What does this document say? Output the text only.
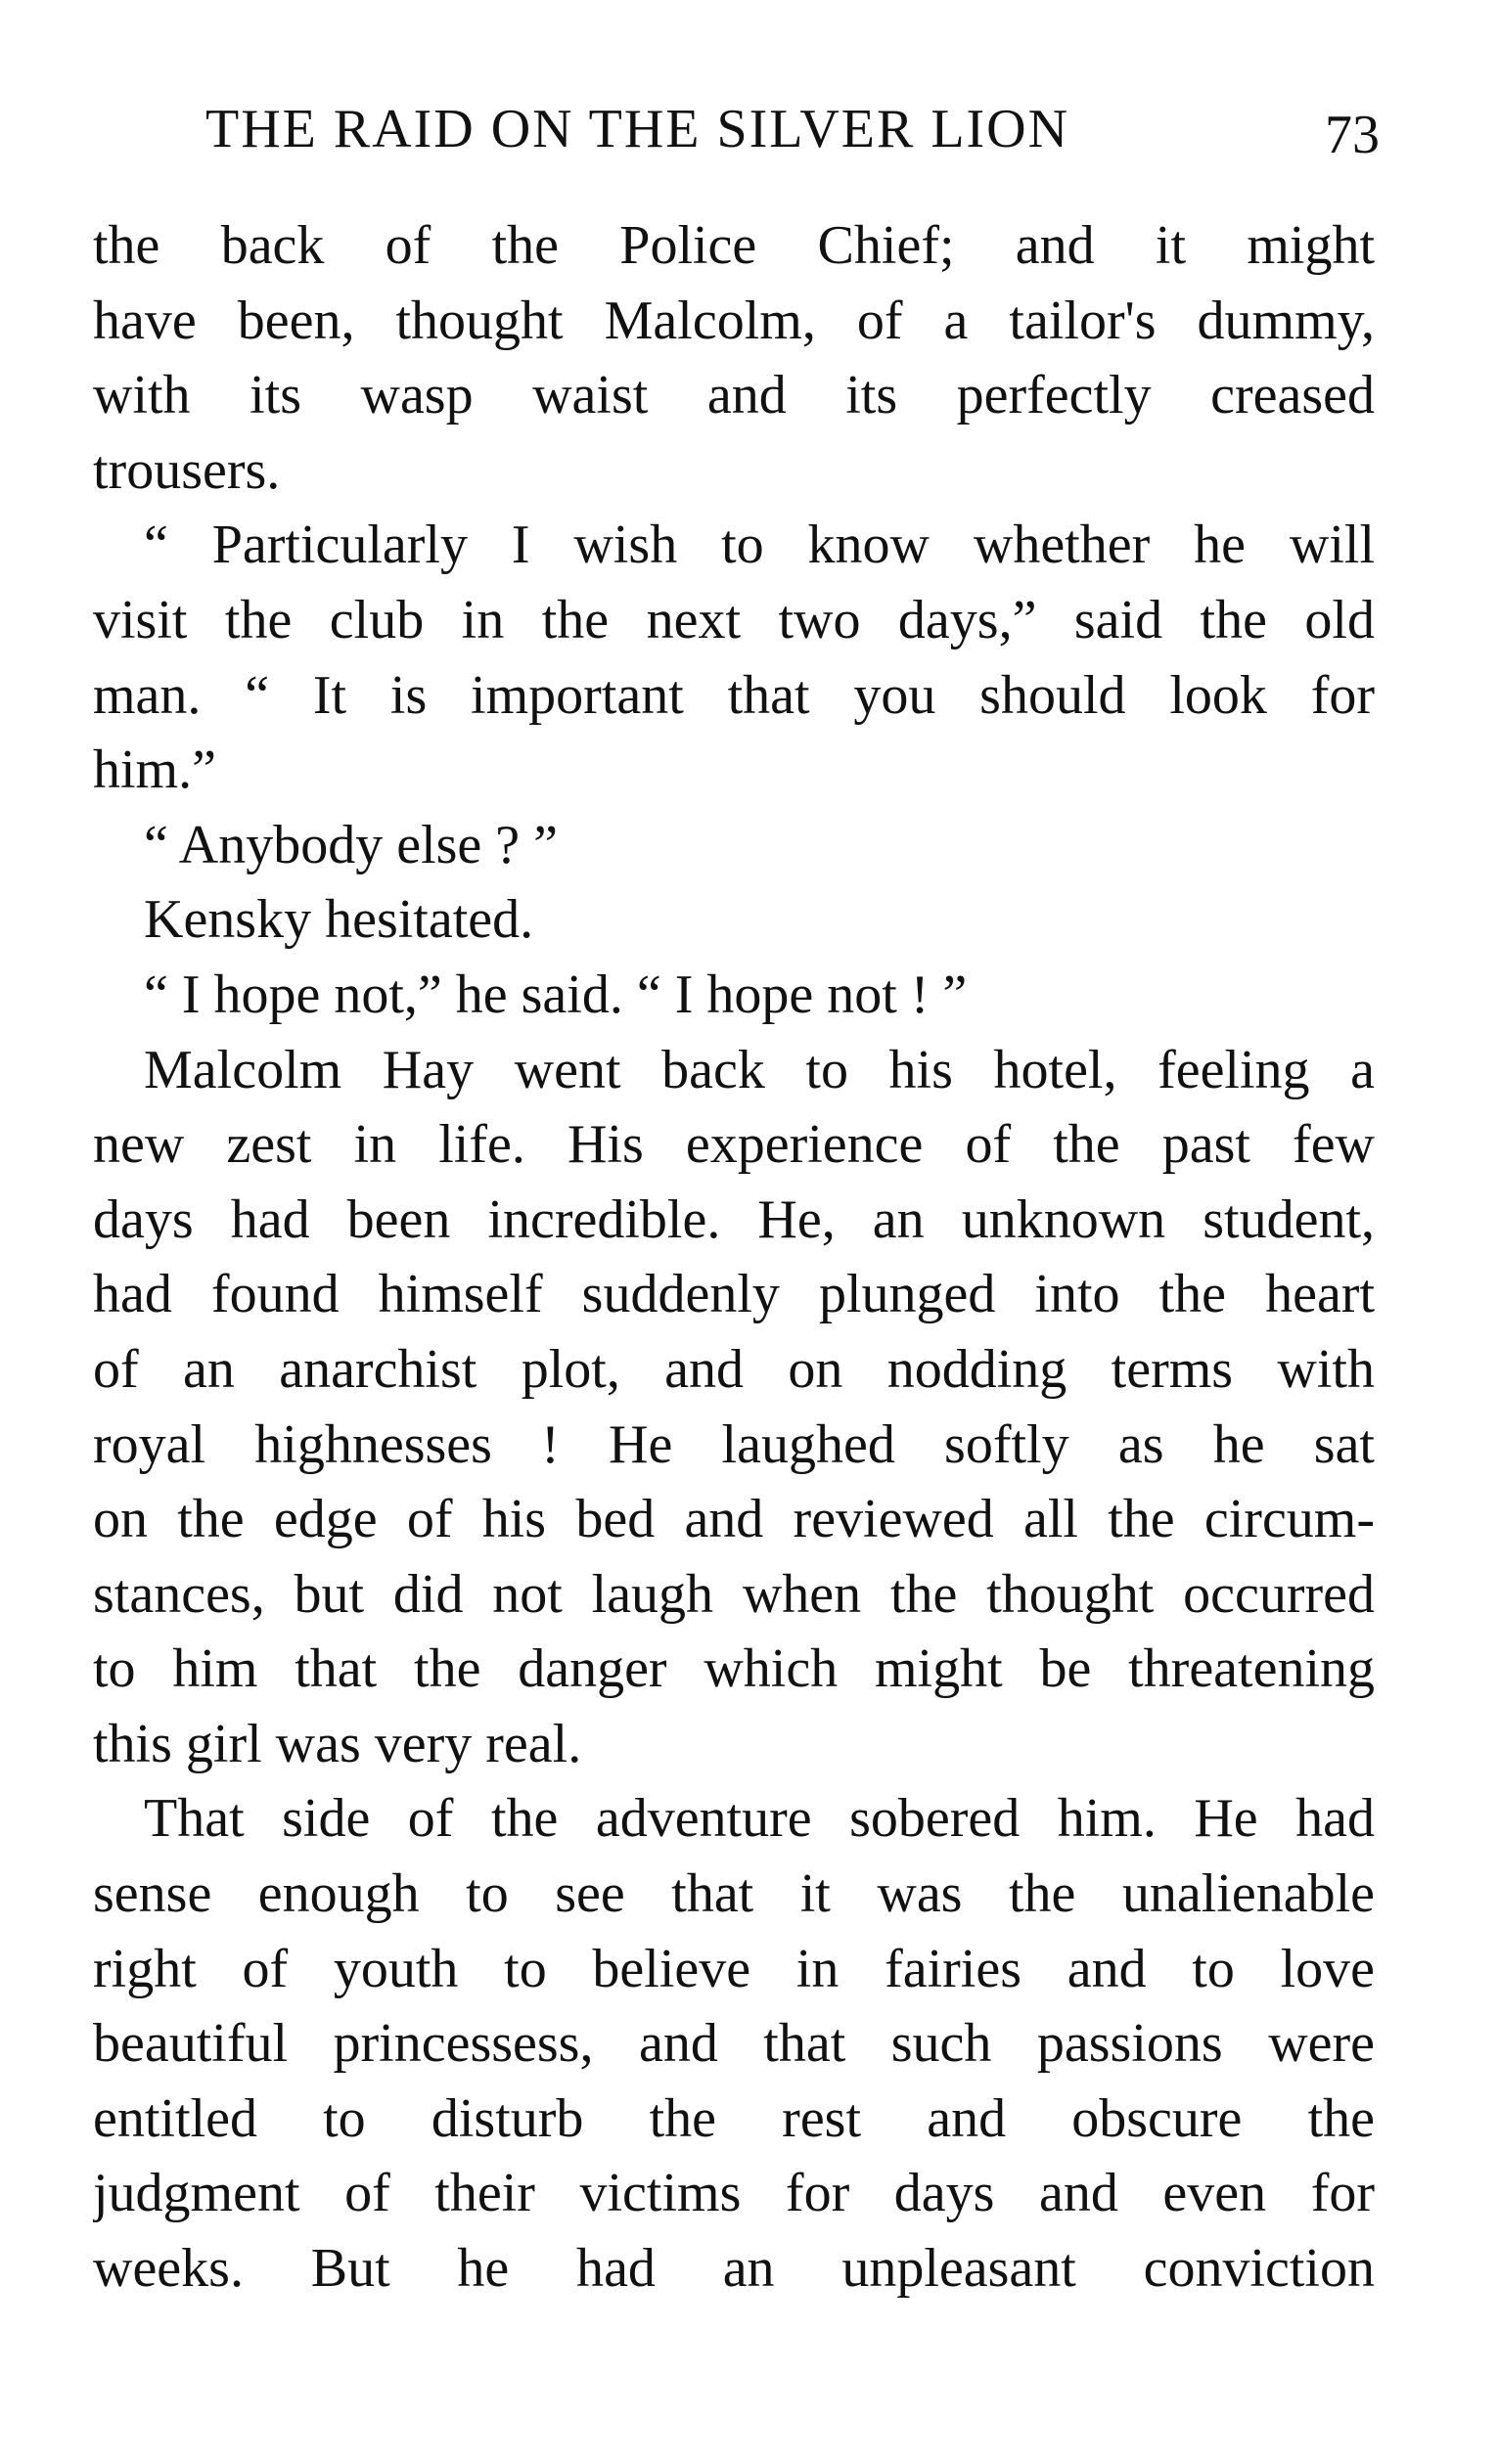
THE RAID ON THE SILVER LION	73
the back of the Police Chief; and it might
have been, thought Malcolm, of a tailor's dummy,
with its wasp waist and its perfectly creased
trousers.
“ Particularly I wish to know whether he will
visit the club in the next two days,” said the old
man. “ It is important that you should look for
him.”
“ Anybody else ? ”
Kensky hesitated.
“ I hope not,” he said. “ I hope not ! ”
Malcolm Hay went back to his hotel, feeling a
new zest in life. His experience of the past few
days had been incredible. He, an unknown student,
had found himself suddenly plunged into the heart
of an anarchist plot, and on nodding terms with
royal highnesses ! He laughed softly as he sat
on the edge of his bed and reviewed all the circum-
stances, but did not laugh when the thought occurred
to him that the danger which might be threatening
this girl was very real.
That side of the adventure sobered him. He had
sense enough to see that it was the unalienable
right of youth to believe in fairies and to love
beautiful princessess, and that such passions were
entitled to disturb the rest and obscure the
judgment of their victims for days and even for
weeks. But he had an unpleasant conviction
